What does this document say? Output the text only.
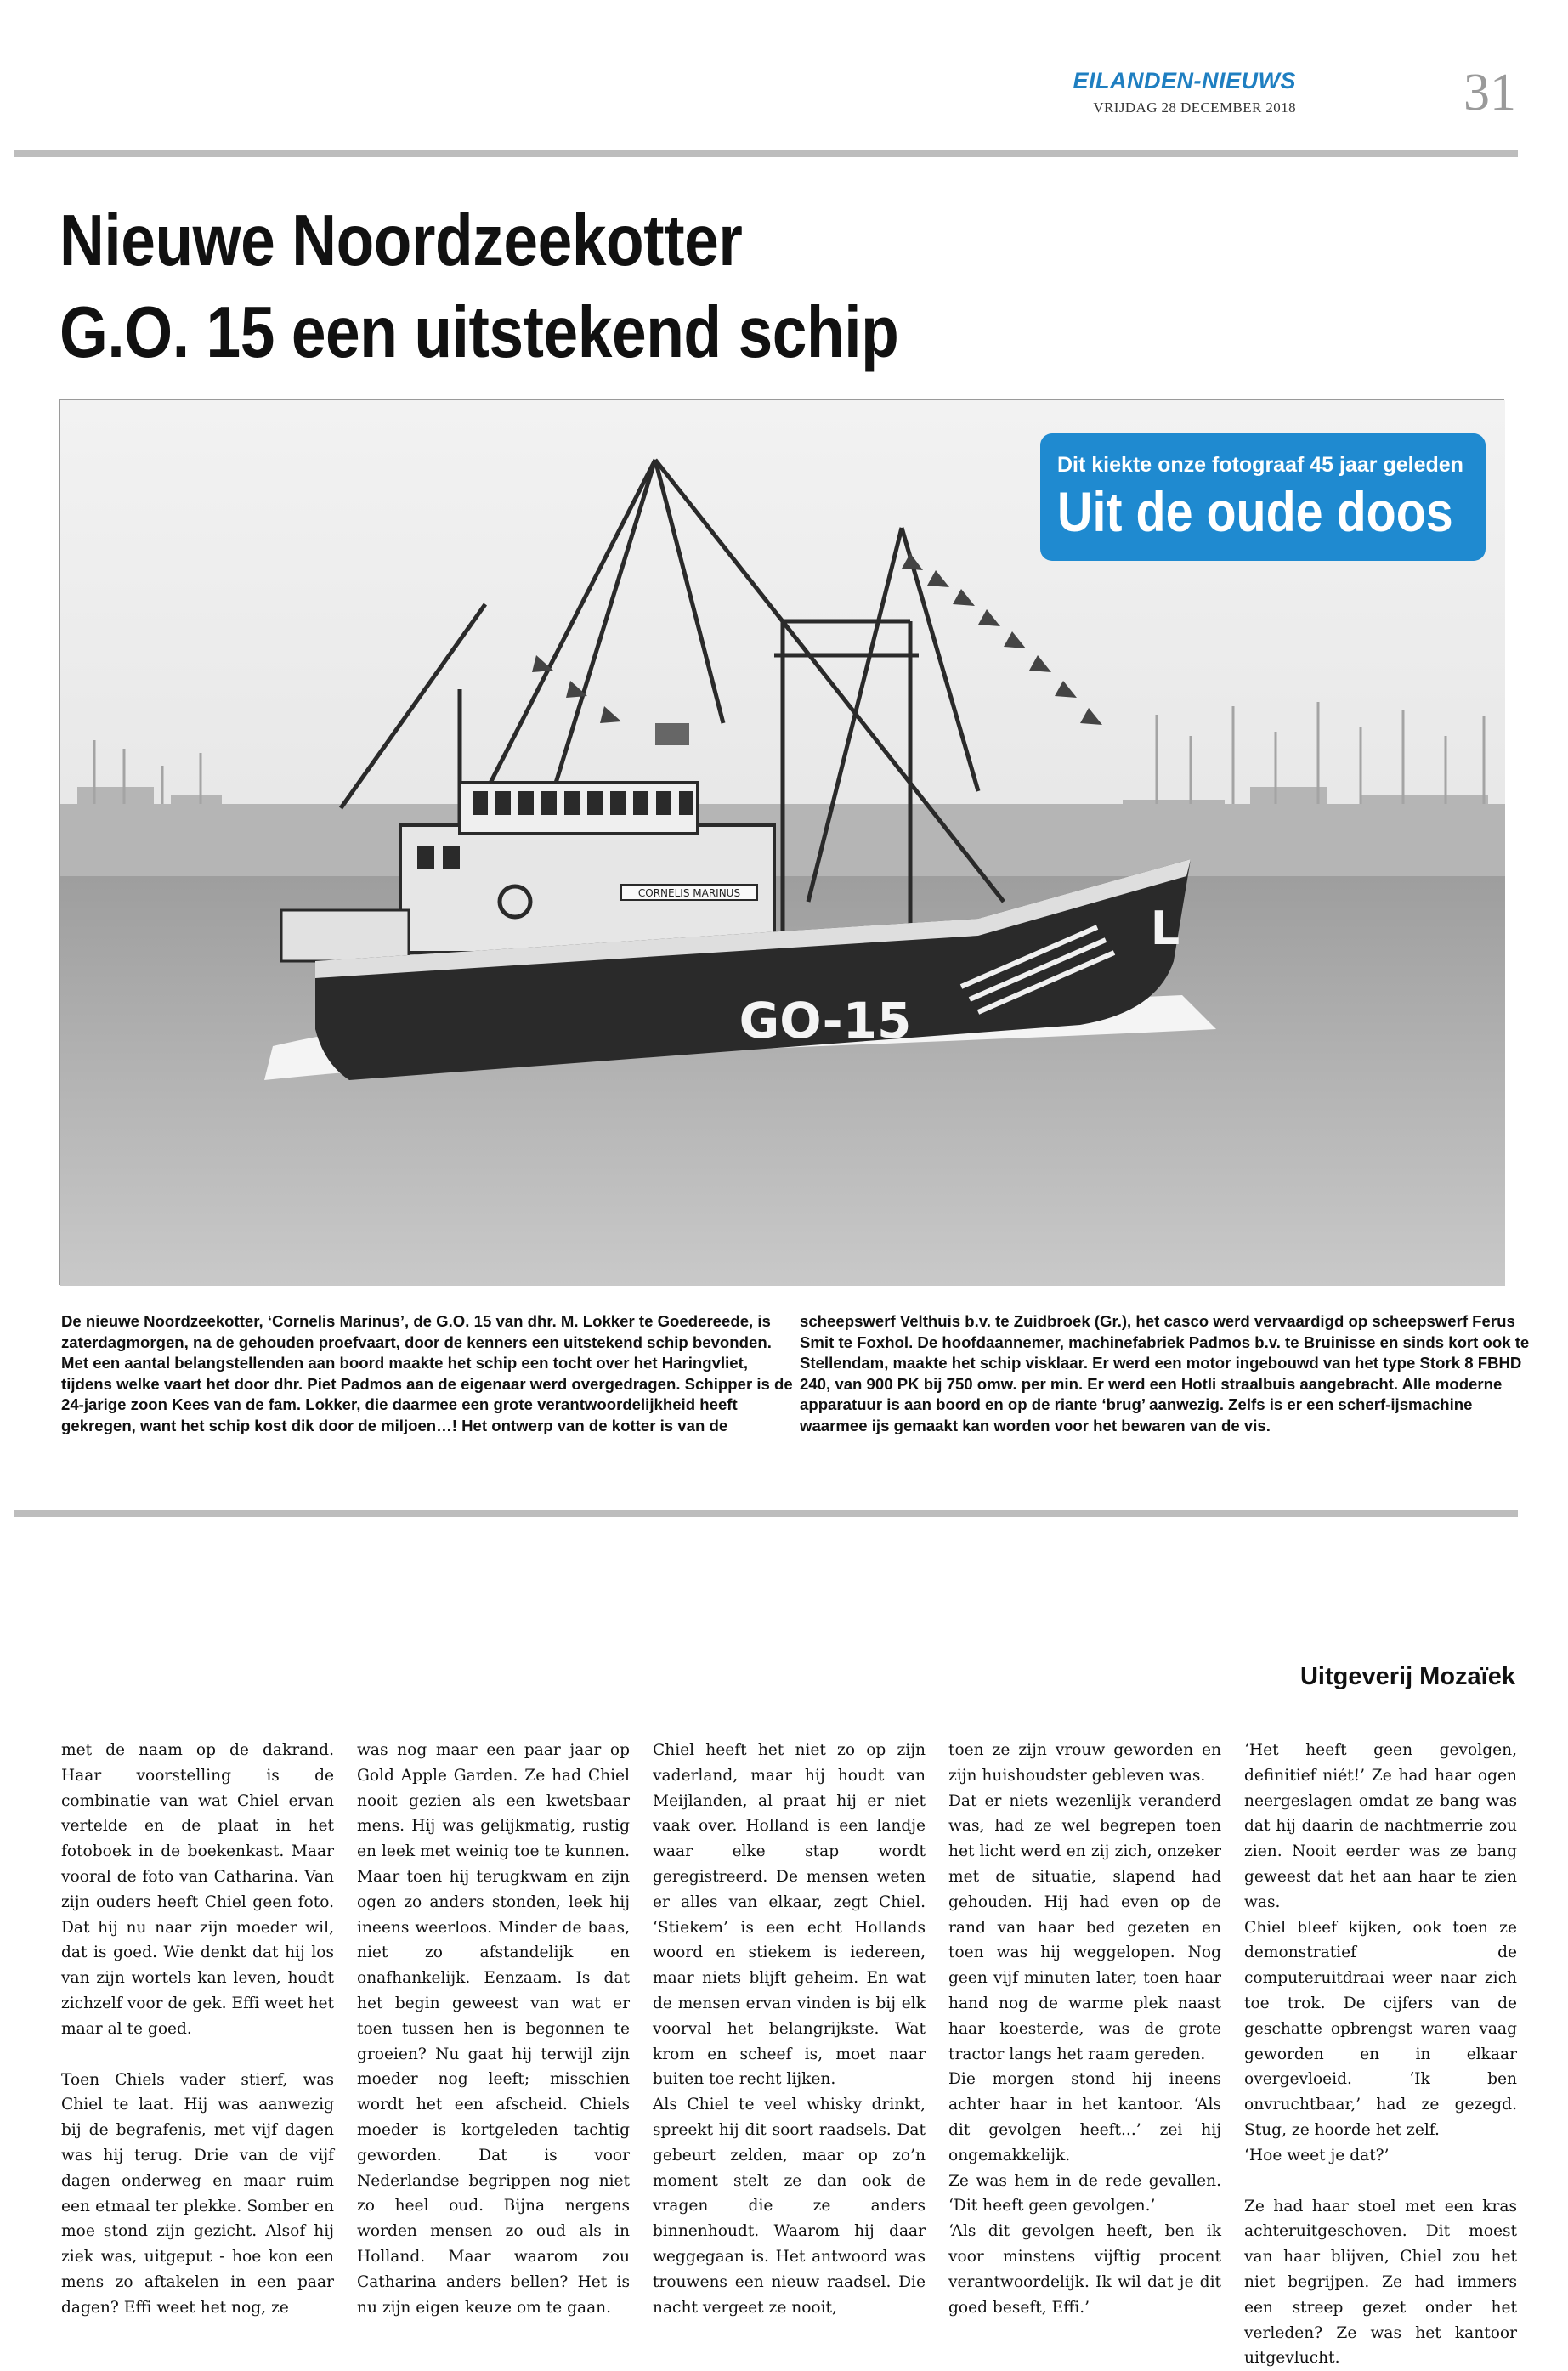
EILANDEN-NIEUWS
VRIJDAG 28 DECEMBER 2018	31
Nieuwe Noordzeekotter
G.O. 15 een uitstekend schip
CORNELIS MARINUS
GO-15
L
Dit kiekte onze fotograaf 45 jaar geleden
Uit de oude doos

De nieuwe Noordzeekotter, ‘Cornelis Marinus’, de G.O. 15 van dhr. M. Lokker te Goedereede, is zaterdagmorgen, na de gehouden proefvaart, door de kenners een uitstekend schip bevonden. Met een aantal belangstellenden aan boord maakte het schip een tocht over het Haringvliet, tijdens welke vaart het door dhr. Piet Padmos aan de eigenaar werd overgedragen. Schipper is de 24-jarige zoon Kees van de fam. Lokker, die daarmee een grote verantwoordelijkheid heeft gekregen, want het schip kost dik door de miljoen…! Het ontwerp van de kotter is van de

scheepswerf Velthuis b.v. te Zuidbroek (Gr.), het casco werd vervaardigd op scheepswerf Ferus Smit te Foxhol. De hoofdaannemer, machinefabriek Padmos b.v. te Bruinisse en sinds kort ook te Stellendam, maakte het schip visklaar. Er werd een motor ingebouwd van het type Stork 8 FBHD 240, van 900 PK bij 750 omw. per min. Er werd een Hotli straalbuis aangebracht. Alle moderne apparatuur is aan boord en op de riante ‘brug’ aanwezig. Zelfs is er een scherf-ijsmachine waarmee ijs gemaakt kan worden voor het bewaren van de vis.

Uitgeverij Mozaïek

met de naam op de dakrand. Haar voorstelling is de combinatie van wat Chiel ervan vertelde en de plaat in het fotoboek in de boekenkast. Maar vooral de foto van Catharina. Van zijn ouders heeft Chiel geen foto. Dat hij nu naar zijn moeder wil, dat is goed. Wie denkt dat hij los van zijn wortels kan leven, houdt zichzelf voor de gek. Effi weet het maar al te goed.

Toen Chiels vader stierf, was Chiel te laat. Hij was aanwezig bij de begrafenis, met vijf dagen was hij terug. Drie van de vijf dagen onderweg en maar ruim een etmaal ter plekke. Somber en moe stond zijn gezicht. Alsof hij ziek was, uitgeput - hoe kon een mens zo aftakelen in een paar dagen? Effi weet het nog, ze

was nog maar een paar jaar op Gold Apple Garden. Ze had Chiel nooit gezien als een kwetsbaar mens. Hij was gelijkmatig, rustig en leek met weinig toe te kunnen. Maar toen hij terugkwam en zijn ogen zo anders stonden, leek hij ineens weerloos. Minder de baas, niet zo afstandelijk en onafhankelijk. Eenzaam. Is dat het begin geweest van wat er toen tussen hen is begonnen te groeien? Nu gaat hij terwijl zijn moeder nog leeft; misschien wordt het een afscheid. Chiels moeder is kortgeleden tachtig geworden. Dat is voor Nederlandse begrippen nog niet zo heel oud. Bijna nergens worden mensen zo oud als in Holland. Maar waarom zou Catharina anders bellen? Het is nu zijn eigen keuze om te gaan.

Chiel heeft het niet zo op zijn vaderland, maar hij houdt van Meijlanden, al praat hij er niet vaak over. Holland is een landje waar elke stap wordt geregistreerd. De mensen weten er alles van elkaar, zegt Chiel. ‘Stiekem’ is een echt Hollands woord en stiekem is iedereen, maar niets blijft geheim. En wat de mensen ervan vinden is bij elk voorval het belangrijkste. Wat krom en scheef is, moet naar buiten toe recht lijken.
Als Chiel te veel whisky drinkt, spreekt hij dit soort raadsels. Dat gebeurt zelden, maar op zo’n moment stelt ze dan ook de vragen die ze anders binnenhoudt. Waarom hij daar weggegaan is. Het antwoord was trouwens een nieuw raadsel. Die nacht vergeet ze nooit,

toen ze zijn vrouw geworden en zijn huishoudster gebleven was.
Dat er niets wezenlijk veranderd was, had ze wel begrepen toen het licht werd en zij zich, onzeker met de situatie, slapend had gehouden. Hij had even op de rand van haar bed gezeten en toen was hij weggelopen. Nog geen vijf minuten later, toen haar hand nog de warme plek naast haar koesterde, was de grote tractor langs het raam gereden.
Die morgen stond hij ineens achter haar in het kantoor. ‘Als dit gevolgen heeft...’ zei hij ongemakkelijk.
Ze was hem in de rede gevallen. ‘Dit heeft geen gevolgen.’
‘Als dit gevolgen heeft, ben ik voor minstens vijftig procent verantwoordelijk. Ik wil dat je dit goed beseft, Effi.’

‘Het heeft geen gevolgen, definitief niét!’ Ze had haar ogen neergeslagen omdat ze bang was dat hij daarin de nachtmerrie zou zien. Nooit eerder was ze bang geweest dat het aan haar te zien was.
Chiel bleef kijken, ook toen ze demonstratief de computeruitdraai weer naar zich toe trok. De cijfers van de geschatte opbrengst waren vaag geworden en in elkaar overgevloeid. ‘Ik ben onvruchtbaar,’ had ze gezegd. Stug, ze hoorde het zelf.
‘Hoe weet je dat?’

Ze had haar stoel met een kras achteruitgeschoven. Dit moest van haar blijven, Chiel zou het niet begrijpen. Ze had immers een streep gezet onder het verleden? Ze was het kantoor uitgevlucht.
